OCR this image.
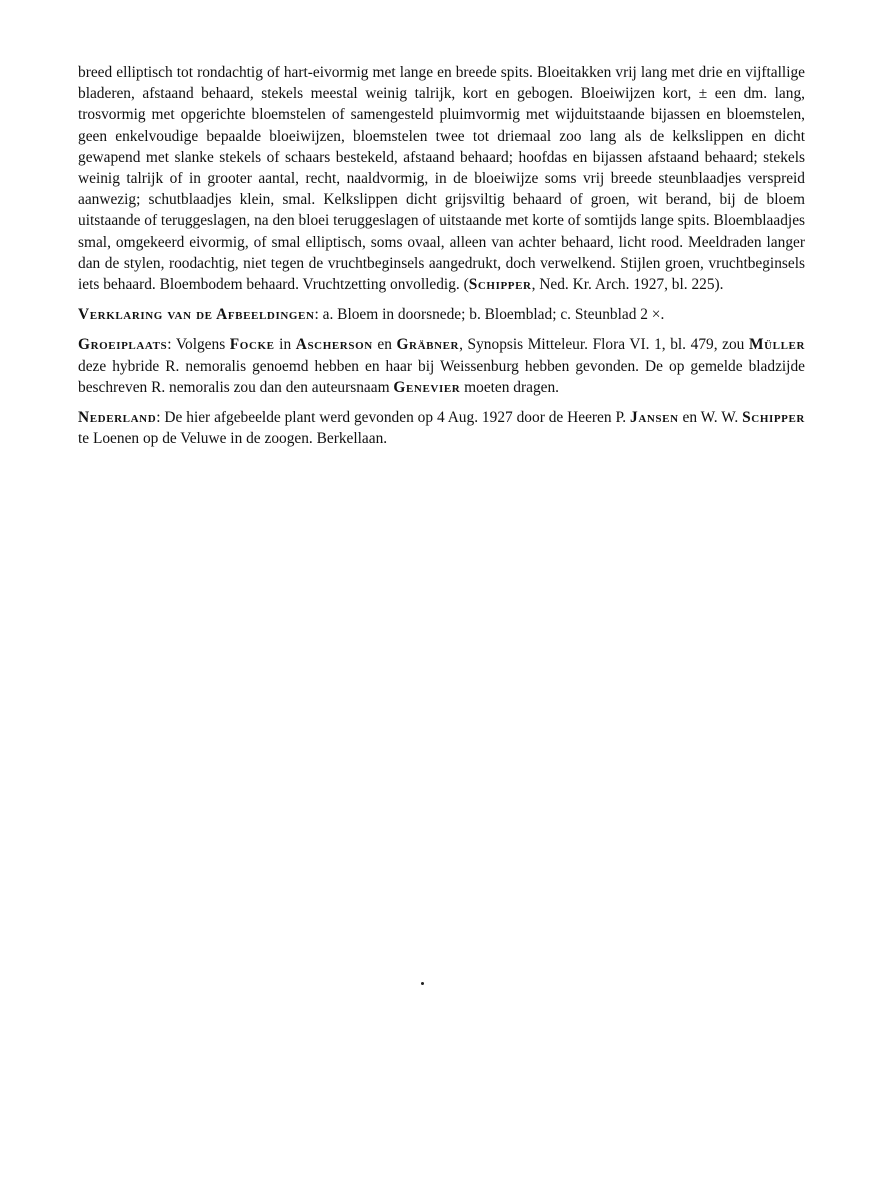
breed elliptisch tot rondachtig of hart-eivormig met lange en breede spits. Bloeitakken vrij lang met drie en vijftallige bladeren, afstaand behaard, stekels meestal weinig talrijk, kort en gebogen. Bloeiwijzen kort, ± een dm. lang, trosvormig met opgerichte bloemstelen of samengesteld pluimvormig met wijduitstaande bijassen en bloemstelen, geen enkelvoudige bepaalde bloeiwijzen, bloemstelen twee tot driemaal zoo lang als de kelkslippen en dicht gewapend met slanke stekels of schaars bestekeld, afstaand behaard; hoofdas en bijassen afstaand behaard; stekels weinig talrijk of in grooter aantal, recht, naaldvormig, in de bloeiwijze soms vrij breede steunblaadjes verspreid aanwezig; schutblaadjes klein, smal. Kelkslippen dicht grijsviltig behaard of groen, wit berand, bij de bloem uitstaande of teruggeslagen, na den bloei teruggeslagen of uitstaande met korte of somtijds lange spits. Bloemblaadjes smal, omgekeerd eivormig, of smal elliptisch, soms ovaal, alleen van achter behaard, licht rood. Meeldraden langer dan de stylen, roodachtig, niet tegen de vruchtbeginsels aangedrukt, doch verwelkend. Stijlen groen, vruchtbeginsels iets behaard. Bloembodem behaard. Vruchtzetting onvolledig. (Schipper, Ned. Kr. Arch. 1927, bl. 225).

Verklaring van de Afbeeldingen: a. Bloem in doorsnede; b. Bloemblad; c. Steunblad 2 ×.

Groeiplaats: Volgens Focke in Ascherson en Gräbner, Synopsis Mitteleur. Flora VI. 1, bl. 479, zou Müller deze hybride R. nemoralis genoemd hebben en haar bij Weissenburg hebben gevonden. De op gemelde bladzijde beschreven R. nemoralis zou dan den auteursnaam Genevier moeten dragen.

Nederland: De hier afgebeelde plant werd gevonden op 4 Aug. 1927 door de Heeren P. Jansen en W. W. Schipper te Loenen op de Veluwe in de zoogen. Berkellaan.
